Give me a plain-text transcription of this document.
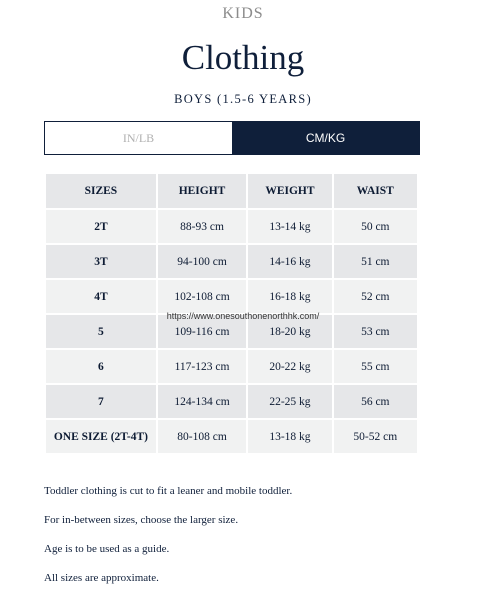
KIDS
Clothing
BOYS (1.5-6 YEARS)
IN/LB	CM/KG
SIZES	HEIGHT	WEIGHT	WAIST
2T	88-93 cm	13-14 kg	50 cm
3T	94-100 cm	14-16 kg	51 cm
4T	102-108 cm	16-18 kg	52 cm
5	109-116 cm	18-20 kg	53 cm
6	117-123 cm	20-22 kg	55 cm
7	124-134 cm	22-25 kg	56 cm
ONE SIZE (2T-4T)	80-108 cm	13-18 kg	50-52 cm
https://www.onesouthonenorthhk.com/
Toddler clothing is cut to fit a leaner and mobile toddler.
For in-between sizes, choose the larger size.
Age is to be used as a guide.
All sizes are approximate.
